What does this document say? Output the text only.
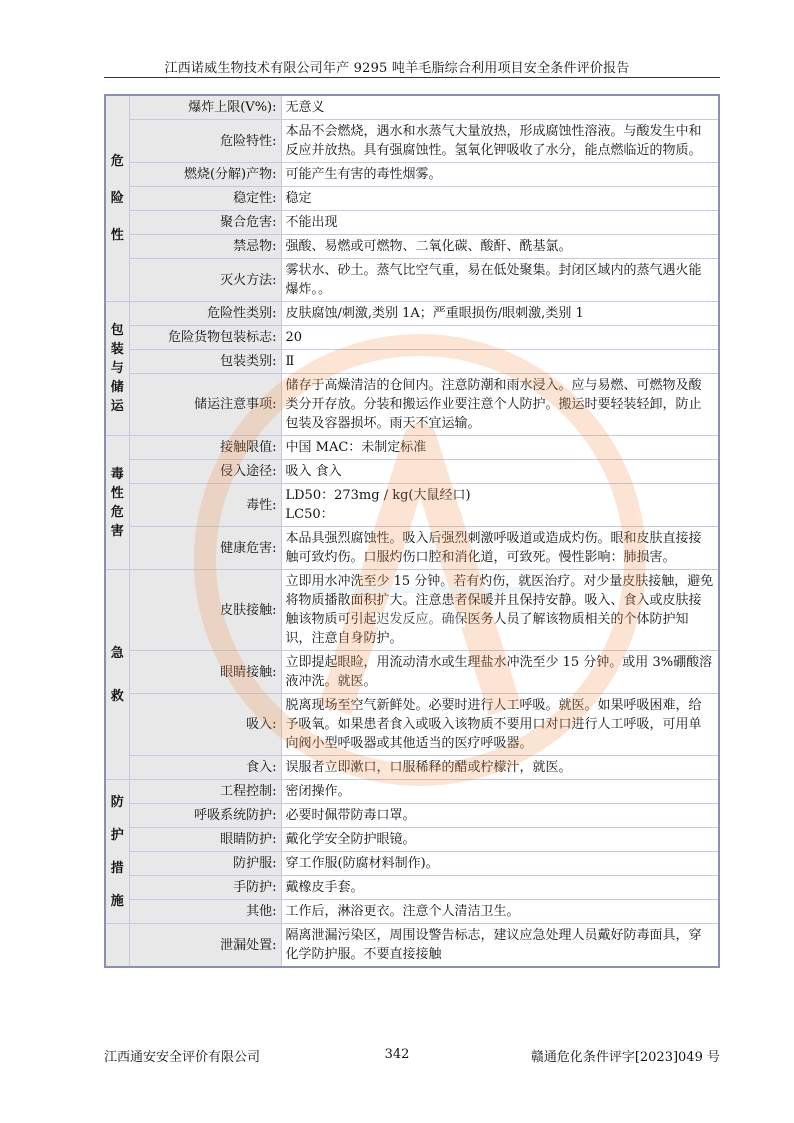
江西诺威生物技术有限公司年产 9295 吨羊毛脂综合利用项目安全条件评价报告
危
险
性	爆炸上限(V%):	无意义
	危险特性:	本品不会燃烧，遇水和水蒸气大量放热，形成腐蚀性溶液。与酸发生中和反应并放热。具有强腐蚀性。氢氧化钾吸收了水分，能点燃临近的物质。
	燃烧(分解)产物:	可能产生有害的毒性烟雾。
	稳定性:	稳定
	聚合危害:	不能出现
	禁忌物:	强酸、易燃或可燃物、二氧化碳、酸酐、酰基氯。
	灭火方法:	雾状水、砂土。蒸气比空气重，易在低处聚集。封闭区域内的蒸气遇火能爆炸。。

包
装
与
储
运	危险性类别:	皮肤腐蚀/刺激,类别 1A；严重眼损伤/眼刺激,类别 1
	危险货物包装标志:	20
	包装类别:	Ⅱ
	储运注意事项:	储存于高燥清洁的仓间内。注意防潮和雨水浸入。应与易燃、可燃物及酸类分开存放。分装和搬运作业要注意个人防护。搬运时要轻装轻卸，防止包装及容器损坏。雨天不宜运输。

毒
性
危
害	接触限值:	中国 MAC：未制定标准
	侵入途径:	吸入 食入
	毒性:	LD50：273mg / kg(大鼠经口)
LC50：

	健康危害:	本品具强烈腐蚀性。吸入后强烈刺激呼吸道或造成灼伤。眼和皮肤直接接触可致灼伤。口服灼伤口腔和消化道，可致死。慢性影响：肺损害。

急
救	皮肤接触:	立即用水冲洗至少 15 分钟。若有灼伤，就医治疗。对少量皮肤接触，避免将物质播散面积扩大。注意患者保暖并且保持安静。吸入、食入或皮肤接触该物质可引起迟发反应。确保医务人员了解该物质相关的个体防护知识，注意自身防护。
	眼睛接触:	立即提起眼睑，用流动清水或生理盐水冲洗至少 15 分钟。或用 3%硼酸溶液冲洗。就医。
	吸入:	脱离现场至空气新鲜处。必要时进行人工呼吸。就医。如果呼吸困难，给予吸氧。如果患者食入或吸入该物质不要用口对口进行人工呼吸，可用单向阀小型呼吸器或其他适当的医疗呼吸器。
	食入:	误服者立即漱口，口服稀释的醋或柠檬汁，就医。

防
护
措
施	工程控制:	密闭操作。
	呼吸系统防护:	必要时佩带防毒口罩。
	眼睛防护:	戴化学安全防护眼镜。
	防护服:	穿工作服(防腐材料制作)。
	手防护:	戴橡皮手套。
	其他:	工作后，淋浴更衣。注意个人清洁卫生。
	泄漏处置:	隔离泄漏污染区，周围设警告标志，建议应急处理人员戴好防毒面具，穿化学防护服。不要直接接触
江西通安安全评价有限公司	342	赣通危化条件评字[2023]049 号
